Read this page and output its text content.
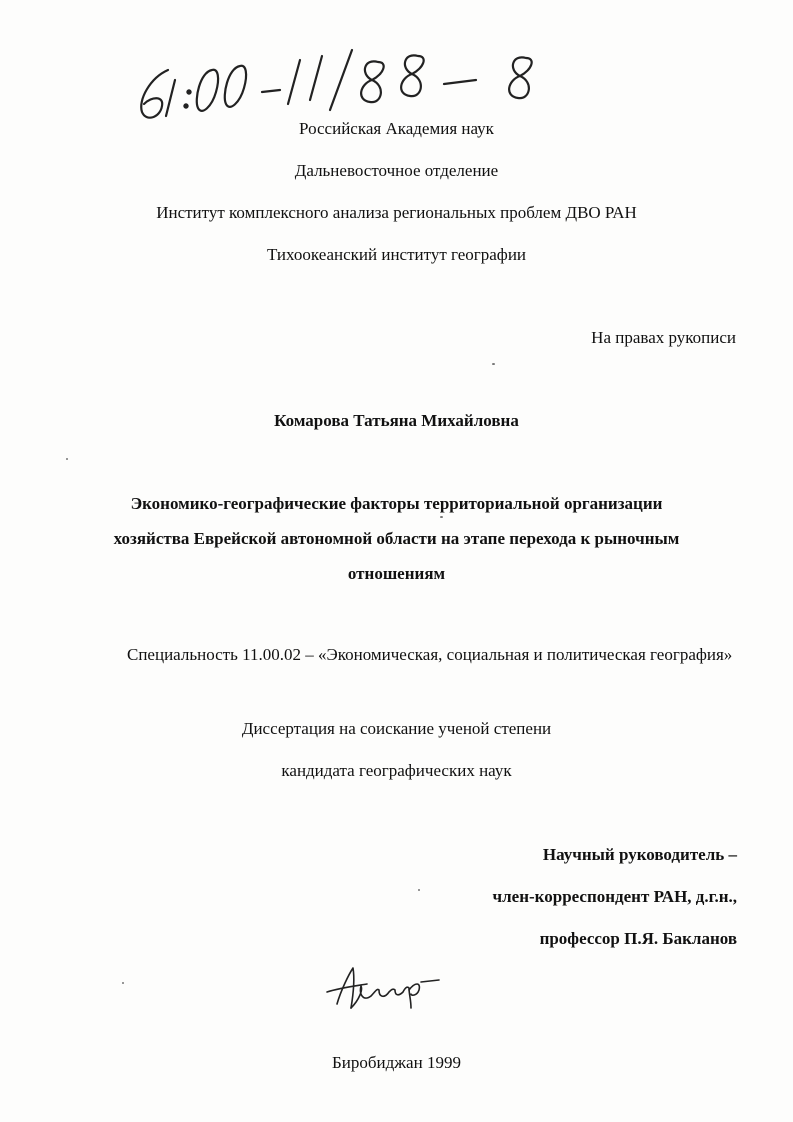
Российская Академия наук
Дальневосточное отделение
Институт комплексного анализа региональных проблем ДВО РАН
Тихоокеанский институт географии
На правах рукописи
Комарова Татьяна Михайловна
Экономико-географические факторы территориальной организации
хозяйства Еврейской автономной области на этапе перехода к рыночным
отношениям
Специальность 11.00.02 – «Экономическая, социальная и политическая география»
Диссертация на соискание ученой степени
кандидата географических наук
Научный руководитель –
член-корреспондент РАН, д.г.н.,
профессор П.Я. Бакланов
Биробиджан 1999
